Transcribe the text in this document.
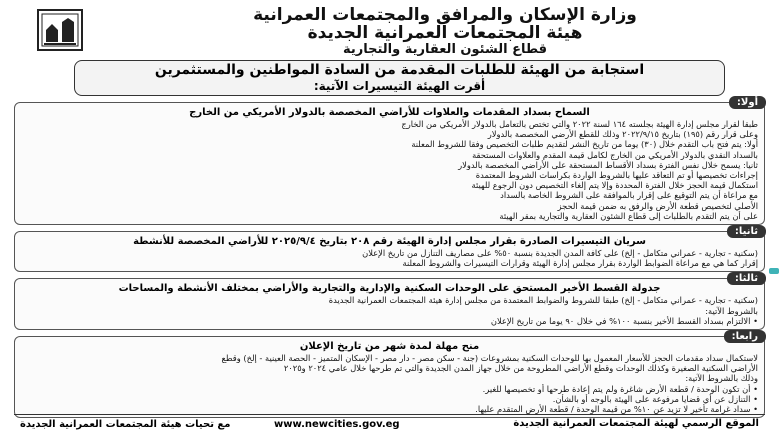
وزارة الإسكان والمرافق والمجتمعات العمرانية
هيئة المجتمعات العمرانية الجديدة
قطاع الشئون العقارية والتجارية
استجابة من الهيئة للطلبات المقدمة من السادة المواطنين والمستثمرين
أقرت الهيئة التيسيرات الآتية:
أولا:
السماح بسداد المقدمات والعلاوات للأراضي المخصصة بالدولار الأمريكي من الخارج
طبقا لقرار مجلس إدارة الهيئة بجلسته ١٦٤ لسنة ٢٠٢٢ والتي تختص بالتعامل بالدولار الأمريكي من الخارج
وعلى قرار رقم (١٩٥) بتاريخ ٢٠٢٢/٩/١٥ وذلك للقطع الأرضي المخصصة بالدولار
أولا: يتم فتح باب التقدم خلال (٣٠) يوما من تاريخ النشر لتقديم طلبات التخصيص وفقا للشروط المعلنة
بالسداد النقدي بالدولار الأمريكي من الخارج لكامل قيمة المقدم والعلاوات المستحقة
ثانيا: يسمح خلال نفس الفترة بسداد الأقساط المستحقة على الأراضي المخصصة بالدولار
إجراءات تخصيصها أو تم التعاقد عليها بالشروط الواردة بكراسات الشروط المعتمدة
استكمال قيمة الحجز خلال الفترة المحددة وإلا يتم إلغاء التخصيص دون الرجوع للهيئة
مع مراعاة أن يتم التوقيع على إقرار بالموافقة على الشروط الخاصة بالسداد
الأصلي لتخصيص قطعة الأرض والرفق به ضمن قيمة الحجز
على أن يتم التقدم بالطلبات إلى قطاع الشئون العقارية والتجارية بمقر الهيئة
ثانيا:
سريان التيسيرات الصادرة بقرار مجلس إدارة الهيئة رقم ٢٠٨ بتاريخ ٢٠٢٥/٩/٤ للأراضي المخصصة للأنشطة
(سكنية - تجارية - عمراني متكامل - إلخ) على كافة المدن الجديدة بنسبة ٥٠% على مصاريف التنازل من تاريخ الإعلان
إقرار كما هي مع مراعاة الضوابط الواردة بقرار مجلس إدارة الهيئة وقرارات التيسيرات والشروط المعلنة
ثالثا:
جدولة القسط الأخير المستحق على الوحدات السكنية والإدارية والتجارية والأراضي بمختلف الأنشطة والمساحات
(سكنية - تجارية - عمراني متكامل - إلخ) طبقا للشروط والضوابط المعتمدة من مجلس إدارة هيئة المجتمعات العمرانية الجديدة
بالشروط الآتية:
• الالتزام بسداد القسط الأخير بنسبة ١٠٠% في خلال ٩٠ يوما من تاريخ الإعلان
رابعا:
منح مهلة لمدة شهر من تاريخ الإعلان
لاستكمال سداد مقدمات الحجز للأسعار المعمول بها للوحدات السكنية بمشروعات (جنة - سكن مصر - دار مصر - الإسكان المتميز - الحصة العينية - إلخ) وقطع
الأراضي السكنية الصغيرة وكذلك الوحدات وقطع الأراضي المطروحة من خلال جهاز المدن الجديدة والتي تم طرحها خلال عامي ٢٠٢٤ و٢٠٢٥
وذلك بالشروط الآتية:
• أن تكون الوحدة / قطعة الأرض شاغرة ولم يتم إعادة طرحها أو تخصيصها للغير.
• التنازل عن أي قضايا مرفوعة على الهيئة بالوجه أو بالشأن.
• سداد غرامة تأخير لا تزيد عن ١٠% من قيمة الوحدة / قطعة الأرض المتقدم عليها.
الموقع الرسمي لهيئة المجتمعات العمرانية الجديدة
www.newcities.gov.eg
مع تحيات هيئة المجتمعات العمرانية الجديدة
